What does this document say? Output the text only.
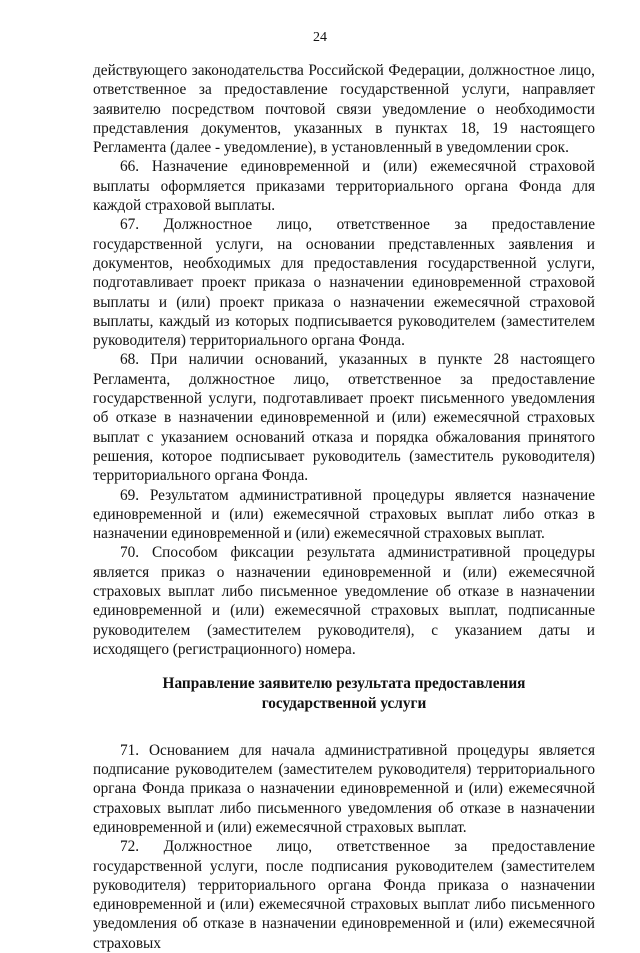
24

действующего законодательства Российской Федерации, должностное лицо, ответственное за предоставление государственной услуги, направляет заявителю посредством почтовой связи уведомление о необходимости представления документов, указанных в пунктах 18, 19 настоящего Регламента (далее - уведомление), в установленный в уведомлении срок.

66. Назначение единовременной и (или) ежемесячной страховой выплаты оформляется приказами территориального органа Фонда для каждой страховой выплаты.

67. Должностное лицо, ответственное за предоставление государственной услуги, на основании представленных заявления и документов, необходимых для предоставления государственной услуги, подготавливает проект приказа о назначении единовременной страховой выплаты и (или) проект приказа о назначении ежемесячной страховой выплаты, каждый из которых подписывается руководителем (заместителем руководителя) территориального органа Фонда.

68. При наличии оснований, указанных в пункте 28 настоящего Регламента, должностное лицо, ответственное за предоставление государственной услуги, подготавливает проект письменного уведомления об отказе в назначении единовременной и (или) ежемесячной страховых выплат с указанием оснований отказа и порядка обжалования принятого решения, которое подписывает руководитель (заместитель руководителя) территориального органа Фонда.

69. Результатом административной процедуры является назначение единовременной и (или) ежемесячной страховых выплат либо отказ в назначении единовременной и (или) ежемесячной страховых выплат.

70. Способом фиксации результата административной процедуры является приказ о назначении единовременной и (или) ежемесячной страховых выплат либо письменное уведомление об отказе в назначении единовременной и (или) ежемесячной страховых выплат, подписанные руководителем (заместителем руководителя), с указанием даты и исходящего (регистрационного) номера.

Направление заявителю результата предоставления
государственной услуги

71. Основанием для начала административной процедуры является подписание руководителем (заместителем руководителя) территориального органа Фонда приказа о назначении единовременной и (или) ежемесячной страховых выплат либо письменного уведомления об отказе в назначении единовременной и (или) ежемесячной страховых выплат.

72. Должностное лицо, ответственное за предоставление государственной услуги, после подписания руководителем (заместителем руководителя) территориального органа Фонда приказа о назначении единовременной и (или) ежемесячной страховых выплат либо письменного уведомления об отказе в назначении единовременной и (или) ежемесячной страховых
